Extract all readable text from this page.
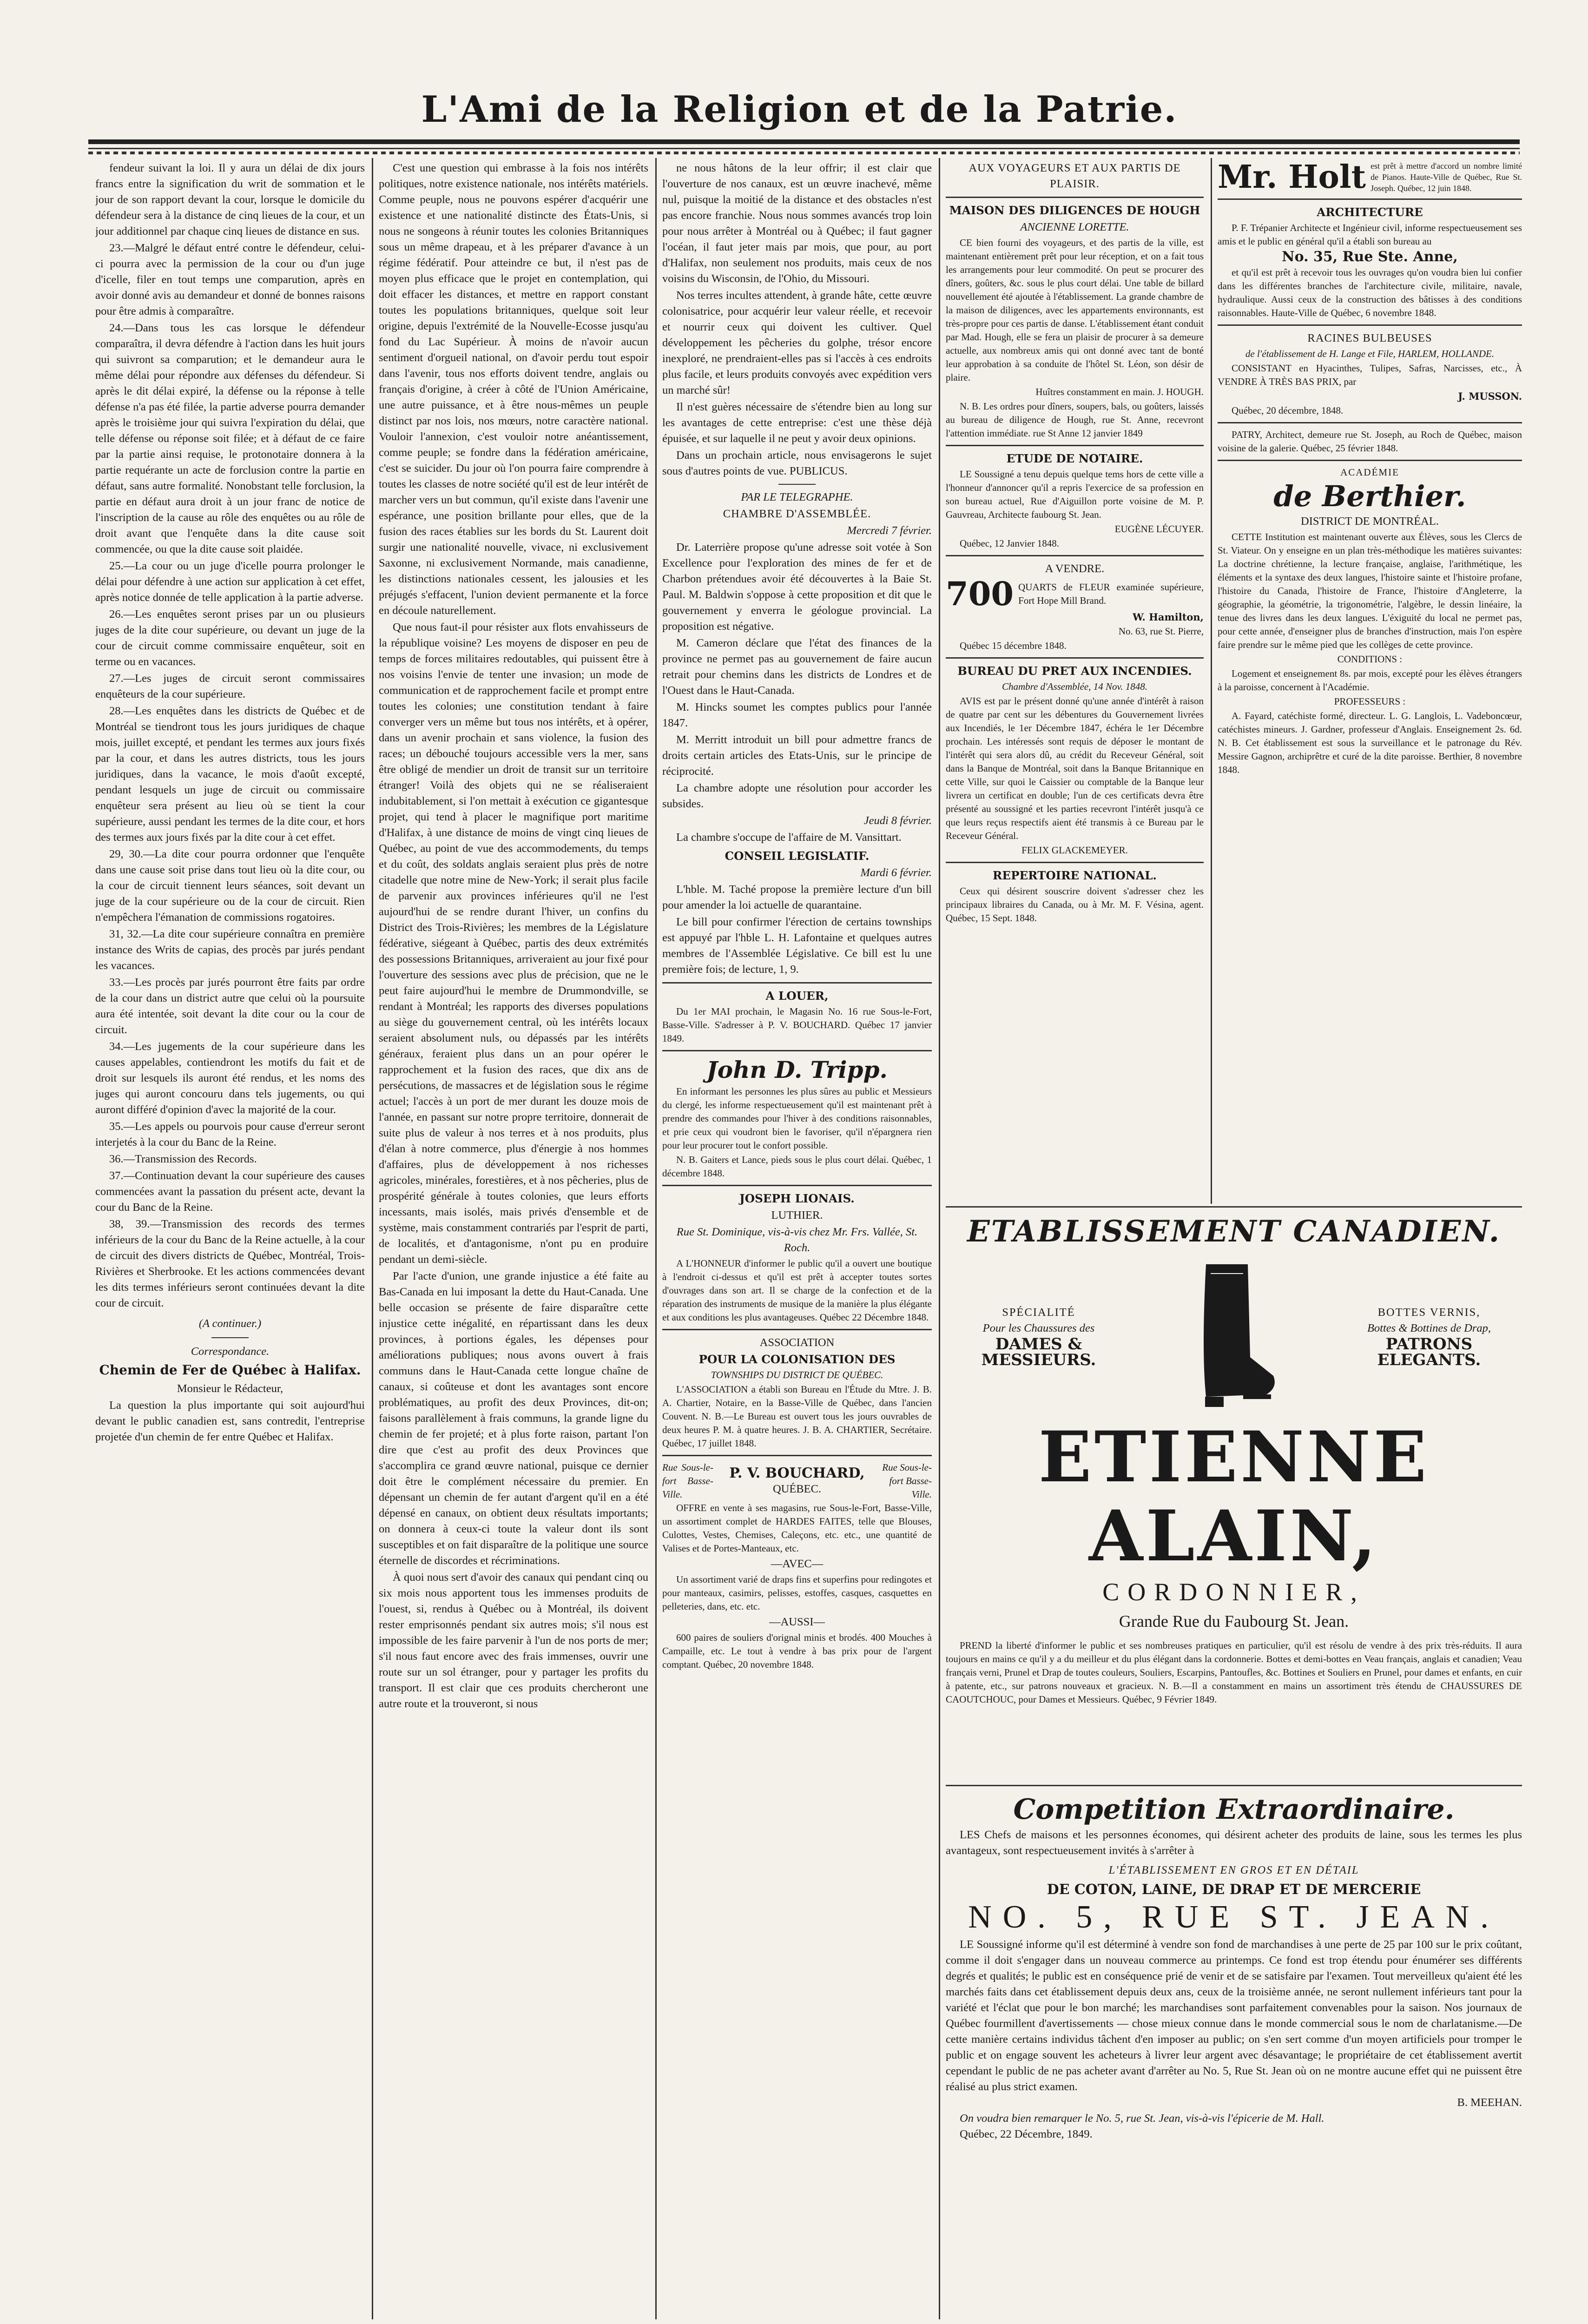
L'Ami de la Religion et de la Patrie.

fendeur suivant la loi. Il y aura un délai de dix jours francs entre la signification du writ de sommation et le jour de son rapport devant la cour, lorsque le domicile du défendeur sera à la distance de cinq lieues de la cour, et un jour additionnel par chaque cinq lieues de distance en sus.

23.—Malgré le défaut entré contre le défendeur, celui-ci pourra avec la permission de la cour ou d'un juge d'icelle, filer en tout temps une comparution, après en avoir donné avis au demandeur et donné de bonnes raisons pour être admis à comparaître.

24.—Dans tous les cas lorsque le défendeur comparaîtra, il devra défendre à l'action dans les huit jours qui suivront sa comparution; et le demandeur aura le même délai pour répondre aux défenses du défendeur. Si après le dit délai expiré, la défense ou la réponse à telle défense n'a pas été filée, la partie adverse pourra demander après le troisième jour qui suivra l'expiration du délai, que telle défense ou réponse soit filée; et à défaut de ce faire par la partie ainsi requise, le protonotaire donnera à la partie requérante un acte de forclusion contre la partie en défaut, sans autre formalité. Nonobstant telle forclusion, la partie en défaut aura droit à un jour franc de notice de l'inscription de la cause au rôle des enquêtes ou au rôle de droit avant que l'enquête dans la dite cause soit commencée, ou que la dite cause soit plaidée.

25.—La cour ou un juge d'icelle pourra prolonger le délai pour défendre à une action sur application à cet effet, après notice donnée de telle application à la partie adverse.

26.—Les enquêtes seront prises par un ou plusieurs juges de la dite cour supérieure, ou devant un juge de la cour de circuit comme commissaire enquêteur, soit en terme ou en vacances.

27.—Les juges de circuit seront commissaires enquêteurs de la cour supérieure.

28.—Les enquêtes dans les districts de Québec et de Montréal se tiendront tous les jours juridiques de chaque mois, juillet excepté, et pendant les termes aux jours fixés par la cour, et dans les autres districts, tous les jours juridiques, dans la vacance, le mois d'août excepté, pendant lesquels un juge de circuit ou commissaire enquêteur sera présent au lieu où se tient la cour supérieure, aussi pendant les termes de la dite cour, et hors des termes aux jours fixés par la dite cour à cet effet.

29, 30.—La dite cour pourra ordonner que l'enquête dans une cause soit prise dans tout lieu où la dite cour, ou la cour de circuit tiennent leurs séances, soit devant un juge de la cour supérieure ou de la cour de circuit. Rien n'empêchera l'émanation de commissions rogatoires.

31, 32.—La dite cour supérieure connaîtra en première instance des Writs de capias, des procès par jurés pendant les vacances.

33.—Les procès par jurés pourront être faits par ordre de la cour dans un district autre que celui où la poursuite aura été intentée, soit devant la dite cour ou la cour de circuit.

34.—Les jugements de la cour supérieure dans les causes appelables, contiendront les motifs du fait et de droit sur lesquels ils auront été rendus, et les noms des juges qui auront concouru dans tels jugements, ou qui auront différé d'opinion d'avec la majorité de la cour.

35.—Les appels ou pourvois pour cause d'erreur seront interjetés à la cour du Banc de la Reine.

36.—Transmission des Records.

37.—Continuation devant la cour supérieure des causes commencées avant la passation du présent acte, devant la cour du Banc de la Reine.

38, 39.—Transmission des records des termes inférieurs de la cour du Banc de la Reine actuelle, à la cour de circuit des divers districts de Québec, Montréal, Trois-Rivières et Sherbrooke. Et les actions commencées devant les dits termes inférieurs seront continuées devant la dite cour de circuit.

(A continuer.)

Correspondance.

Chemin de Fer de Québec à Halifax.

Monsieur le Rédacteur,

La question la plus importante qui soit aujourd'hui devant le public canadien est, sans contredit, l'entreprise projetée d'un chemin de fer entre Québec et Halifax.

C'est une question qui embrasse à la fois nos intérêts politiques, notre existence nationale, nos intérêts matériels. Comme peuple, nous ne pouvons espérer d'acquérir une existence et une nationalité distincte des États-Unis, si nous ne songeons à réunir toutes les colonies Britanniques sous un même drapeau, et à les préparer d'avance à un régime fédératif. Pour atteindre ce but, il n'est pas de moyen plus efficace que le projet en contemplation, qui doit effacer les distances, et mettre en rapport constant toutes les populations britanniques, quelque soit leur origine, depuis l'extrémité de la Nouvelle-Ecosse jusqu'au fond du Lac Supérieur. À moins de n'avoir aucun sentiment d'orgueil national, on d'avoir perdu tout espoir dans l'avenir, tous nos efforts doivent tendre, anglais ou français d'origine, à créer à côté de l'Union Américaine, une autre puissance, et à être nous-mêmes un peuple distinct par nos lois, nos mœurs, notre caractère national. Vouloir l'annexion, c'est vouloir notre anéantissement, comme peuple; se fondre dans la fédération américaine, c'est se suicider. Du jour où l'on pourra faire comprendre à toutes les classes de notre société qu'il est de leur intérêt de marcher vers un but commun, qu'il existe dans l'avenir une espérance, une position brillante pour elles, que de la fusion des races établies sur les bords du St. Laurent doit surgir une nationalité nouvelle, vivace, ni exclusivement Saxonne, ni exclusivement Normande, mais canadienne, les distinctions nationales cessent, les jalousies et les préjugés s'effacent, l'union devient permanente et la force en découle naturellement.

Que nous faut-il pour résister aux flots envahisseurs de la république voisine? Les moyens de disposer en peu de temps de forces militaires redoutables, qui puissent être à nos voisins l'envie de tenter une invasion; un mode de communication et de rapprochement facile et prompt entre toutes les colonies; une constitution tendant à faire converger vers un même but tous nos intérêts, et à opérer, dans un avenir prochain et sans violence, la fusion des races; un débouché toujours accessible vers la mer, sans être obligé de mendier un droit de transit sur un territoire étranger! Voilà des objets qui ne se réaliseraient indubitablement, si l'on mettait à exécution ce gigantesque projet, qui tend à placer le magnifique port maritime d'Halifax, à une distance de moins de vingt cinq lieues de Québec, au point de vue des accommodements, du temps et du coût, des soldats anglais seraient plus près de notre citadelle que notre mine de New-York; il serait plus facile de parvenir aux provinces inférieures qu'il ne l'est aujourd'hui de se rendre durant l'hiver, un confins du District des Trois-Rivières; les membres de la Législature fédérative, siégeant à Québec, partis des deux extrémités des possessions Britanniques, arriveraient au jour fixé pour l'ouverture des sessions avec plus de précision, que ne le peut faire aujourd'hui le membre de Drummondville, se rendant à Montréal; les rapports des diverses populations au siège du gouvernement central, où les intérêts locaux seraient absolument nuls, ou dépassés par les intérêts généraux, feraient plus dans un an pour opérer le rapprochement et la fusion des races, que dix ans de persécutions, de massacres et de législation sous le régime actuel; l'accès à un port de mer durant les douze mois de l'année, en passant sur notre propre territoire, donnerait de suite plus de valeur à nos terres et à nos produits, plus d'élan à notre commerce, plus d'énergie à nos hommes d'affaires, plus de développement à nos richesses agricoles, minérales, forestières, et à nos pêcheries, plus de prospérité générale à toutes colonies, que leurs efforts incessants, mais isolés, mais privés d'ensemble et de système, mais constamment contrariés par l'esprit de parti, de localités, et d'antagonisme, n'ont pu en produire pendant un demi-siècle.

Par l'acte d'union, une grande injustice a été faite au Bas-Canada en lui imposant la dette du Haut-Canada. Une belle occasion se présente de faire disparaître cette injustice cette inégalité, en répartissant dans les deux provinces, à portions égales, les dépenses pour améliorations publiques; nous avons ouvert à frais communs dans le Haut-Canada cette longue chaîne de canaux, si coûteuse et dont les avantages sont encore problématiques, au profit des deux Provinces, dit-on; faisons parallèlement à frais communs, la grande ligne du chemin de fer projeté; et à plus forte raison, partant l'on dire que c'est au profit des deux Provinces que s'accomplira ce grand œuvre national, puisque ce dernier doit être le complément nécessaire du premier. En dépensant un chemin de fer autant d'argent qu'il en a été dépensé en canaux, on obtient deux résultats importants; on donnera à ceux-ci toute la valeur dont ils sont susceptibles et on fait disparaître de la politique une source éternelle de discordes et récriminations.

À quoi nous sert d'avoir des canaux qui pendant cinq ou six mois nous apportent tous les immenses produits de l'ouest, si, rendus à Québec ou à Montréal, ils doivent rester emprisonnés pendant six autres mois; s'il nous est impossible de les faire parvenir à l'un de nos ports de mer; s'il nous faut encore avec des frais immenses, ouvrir une route sur un sol étranger, pour y partager les profits du transport. Il est clair que ces produits chercheront une autre route et la trouveront, si nous

ne nous hâtons de la leur offrir; il est clair que l'ouverture de nos canaux, est un œuvre inachevé, même nul, puisque la moitié de la distance et des obstacles n'est pas encore franchie. Nous nous sommes avancés trop loin pour nous arrêter à Montréal ou à Québec; il faut gagner l'océan, il faut jeter mais par mois, que pour, au port d'Halifax, non seulement nos produits, mais ceux de nos voisins du Wisconsin, de l'Ohio, du Missouri.

Nos terres incultes attendent, à grande hâte, cette œuvre colonisatrice, pour acquérir leur valeur réelle, et recevoir et nourrir ceux qui doivent les cultiver. Quel développement les pêcheries du golphe, trésor encore inexploré, ne prendraient-elles pas si l'accès à ces endroits plus facile, et leurs produits convoyés avec expédition vers un marché sûr!

Il n'est guères nécessaire de s'étendre bien au long sur les avantages de cette entreprise: c'est une thèse déjà épuisée, et sur laquelle il ne peut y avoir deux opinions.

Dans un prochain article, nous envisagerons le sujet sous d'autres points de vue. PUBLICUS.

PAR LE TELEGRAPHE.

CHAMBRE D'ASSEMBLÉE.

Mercredi 7 février.

Dr. Laterrière propose qu'une adresse soit votée à Son Excellence pour l'exploration des mines de fer et de Charbon prétendues avoir été découvertes à la Baie St. Paul. M. Baldwin s'oppose à cette proposition et dit que le gouvernement y enverra le géologue provincial. La proposition est négative.

M. Cameron déclare que l'état des finances de la province ne permet pas au gouvernement de faire aucun retrait pour chemins dans les districts de Londres et de l'Ouest dans le Haut-Canada.

M. Hincks soumet les comptes publics pour l'année 1847.

M. Merritt introduit un bill pour admettre francs de droits certain articles des Etats-Unis, sur le principe de réciprocité.

La chambre adopte une résolution pour accorder les subsides.

Jeudi 8 février.

La chambre s'occupe de l'affaire de M. Vansittart.

CONSEIL LEGISLATIF.

Mardi 6 février.

L'hble. M. Taché propose la première lecture d'un bill pour amender la loi actuelle de quarantaine.

Le bill pour confirmer l'érection de certains townships est appuyé par l'hble L. H. Lafontaine et quelques autres membres de l'Assemblée Législative. Ce bill est lu une première fois; de lecture, 1, 9.

A LOUER,

Du 1er MAI prochain, le Magasin No. 16 rue Sous-le-Fort, Basse-Ville. S'adresser à P. V. BOUCHARD. Québec 17 janvier 1849.

John D. Tripp.

En informant les personnes les plus sûres au public et Messieurs du clergé, les informe respectueusement qu'il est maintenant prêt à prendre des commandes pour l'hiver à des conditions raisonnables, et prie ceux qui voudront bien le favoriser, qu'il n'épargnera rien pour leur procurer tout le confort possible.

N. B. Gaiters et Lance, pieds sous le plus court délai. Québec, 1 décembre 1848.

JOSEPH LIONAIS.

LUTHIER.

Rue St. Dominique, vis-à-vis chez Mr. Frs. Vallée, St. Roch.

A L'HONNEUR d'informer le public qu'il a ouvert une boutique à l'endroit ci-dessus et qu'il est prêt à accepter toutes sortes d'ouvrages dans son art. Il se charge de la confection et de la réparation des instruments de musique de la manière la plus élégante et aux conditions les plus avantageuses. Québec 22 Décembre 1848.

ASSOCIATION

POUR LA COLONISATION DES

TOWNSHIPS DU DISTRICT DE QUÉBEC.

L'ASSOCIATION a établi son Bureau en l'Étude du Mtre. J. B. A. Chartier, Notaire, en la Basse-Ville de Québec, dans l'ancien Couvent. N. B.—Le Bureau est ouvert tous les jours ouvrables de deux heures P. M. à quatre heures. J. B. A. CHARTIER, Secrétaire. Québec, 17 juillet 1848.

Rue Sous-le-fort Basse-Ville.
P. V. BOUCHARD,
QUÉBEC.
Rue Sous-le-fort Basse-Ville.

OFFRE en vente à ses magasins, rue Sous-le-Fort, Basse-Ville, un assortiment complet de HARDES FAITES, telle que Blouses, Culottes, Vestes, Chemises, Caleçons, etc. etc., une quantité de Valises et de Portes-Manteaux, etc.

—AVEC—

Un assortiment varié de draps fins et superfins pour redingotes et pour manteaux, casimirs, pelisses, estoffes, casques, casquettes en pelleteries, dans, etc. etc.

—AUSSI—

600 paires de souliers d'orignal minis et brodés. 400 Mouches à Campaille, etc. Le tout à vendre à bas prix pour de l'argent comptant. Québec, 20 novembre 1848.

AUX VOYAGEURS ET AUX PARTIS DE PLAISIR.

MAISON DES DILIGENCES DE HOUGH

ANCIENNE LORETTE.

CE bien fourni des voyageurs, et des partis de la ville, est maintenant entièrement prêt pour leur réception, et on a fait tous les arrangements pour leur commodité. On peut se procurer des dîners, goûters, &c. sous le plus court délai. Une table de billard nouvellement été ajoutée à l'établissement. La grande chambre de la maison de diligences, avec les appartements environnants, est très-propre pour ces partis de danse. L'établissement étant conduit par Mad. Hough, elle se fera un plaisir de procurer à sa demeure actuelle, aux nombreux amis qui ont donné avec tant de bonté leur approbation à sa conduite de l'hôtel St. Léon, son désir de plaire.

Huîtres constamment en main. J. HOUGH.

N. B. Les ordres pour dîners, soupers, bals, ou goûters, laissés au bureau de diligence de Hough, rue St. Anne, recevront l'attention immédiate. rue St Anne 12 janvier 1849

ETUDE DE NOTAIRE.

LE Soussigné a tenu depuis quelque tems hors de cette ville a l'honneur d'annoncer qu'il a repris l'exercice de sa profession en son bureau actuel, Rue d'Aiguillon porte voisine de M. P. Gauvreau, Architecte faubourg St. Jean.

EUGÈNE LÉCUYER.

Québec, 12 Janvier 1848.

A VENDRE.

700 QUARTS de FLEUR examinée supérieure, Fort Hope Mill Brand.

W. Hamilton,

No. 63, rue St. Pierre,

Québec 15 décembre 1848.

BUREAU DU PRET AUX INCENDIES.

Chambre d'Assemblée, 14 Nov. 1848.

AVIS est par le présent donné qu'une année d'intérêt à raison de quatre par cent sur les débentures du Gouvernement livrées aux Incendiés, le 1er Décembre 1847, échéra le 1er Décembre prochain. Les intéressés sont requis de déposer le montant de l'intérêt qui sera alors dû, au crédit du Receveur Général, soit dans la Banque de Montréal, soit dans la Banque Britannique en cette Ville, sur quoi le Caissier ou comptable de la Banque leur livrera un certificat en double; l'un de ces certificats devra être présenté au soussigné et les parties recevront l'intérêt jusqu'à ce que leurs reçus respectifs aient été transmis à ce Bureau par le Receveur Général.

FELIX GLACKEMEYER.

REPERTOIRE NATIONAL.

Ceux qui désirent souscrire doivent s'adresser chez les principaux libraires du Canada, ou à Mr. M. F. Vésina, agent. Québec, 15 Sept. 1848.

Mr. Holt est prêt à mettre d'accord un nombre limité de Pianos. Haute-Ville de Québec, Rue St. Joseph. Québec, 12 juin 1848.

ARCHITECTURE

P. F. Trépanier Architecte et Ingénieur civil, informe respectueusement ses amis et le public en général qu'il a établi son bureau au

No. 35, Rue Ste. Anne,

et qu'il est prêt à recevoir tous les ouvrages qu'on voudra bien lui confier dans les différentes branches de l'architecture civile, militaire, navale, hydraulique. Aussi ceux de la construction des bâtisses à des conditions raisonnables. Haute-Ville de Québec, 6 novembre 1848.

RACINES BULBEUSES

de l'établissement de H. Lange et File, HARLEM, HOLLANDE.

CONSISTANT en Hyacinthes, Tulipes, Safras, Narcisses, etc., À VENDRE À TRÈS BAS PRIX, par

J. MUSSON.

Québec, 20 décembre, 1848.

PATRY, Architect, demeure rue St. Joseph, au Roch de Québec, maison voisine de la galerie. Québec, 25 février 1848.

ACADÉMIE

de Berthier.

DISTRICT DE MONTRÉAL.

CETTE Institution est maintenant ouverte aux Élèves, sous les Clercs de St. Viateur. On y enseigne en un plan très-méthodique les matières suivantes: La doctrine chrétienne, la lecture française, anglaise, l'arithmétique, les éléments et la syntaxe des deux langues, l'histoire sainte et l'histoire profane, l'histoire du Canada, l'histoire de France, l'histoire d'Angleterre, la géographie, la géométrie, la trigonométrie, l'algèbre, le dessin linéaire, la tenue des livres dans les deux langues. L'éxiguité du local ne permet pas, pour cette année, d'enseigner plus de branches d'instruction, mais l'on espère faire prendre sur le même pied que les collèges de cette province.

CONDITIONS :

Logement et enseignement 8s. par mois, excepté pour les élèves étrangers à la paroisse, concernent à l'Académie.

PROFESSEURS :

A. Fayard, catéchiste formé, directeur. L. G. Langlois, L. Vadeboncœur, catéchistes mineurs. J. Gardner, professeur d'Anglais. Enseignement 2s. 6d. N. B. Cet établissement est sous la surveillance et le patronage du Rév. Messire Gagnon, archiprêtre et curé de la dite paroisse. Berthier, 8 novembre 1848.

ETABLISSEMENT CANADIEN.

SPÉCIALITÉ

Pour les Chaussures des

DAMES & MESSIEURS.

BOTTES VERNIS,

Bottes & Bottines de Drap,

PATRONS ELEGANTS.

ETIENNE ALAIN,

CORDONNIER,

Grande Rue du Faubourg St. Jean.

PREND la liberté d'informer le public et ses nombreuses pratiques en particulier, qu'il est résolu de vendre à des prix très-réduits. Il aura toujours en mains ce qu'il y a du meilleur et du plus élégant dans la cordonnerie. Bottes et demi-bottes en Veau français, anglais et canadien; Veau français verni, Prunel et Drap de toutes couleurs, Souliers, Escarpins, Pantoufles, &c. Bottines et Souliers en Prunel, pour dames et enfants, en cuir à patente, etc., sur patrons nouveaux et gracieux. N. B.—Il a constamment en mains un assortiment très étendu de CHAUSSURES DE CAOUTCHOUC, pour Dames et Messieurs. Québec, 9 Février 1849.

Competition Extraordinaire.

LES Chefs de maisons et les personnes économes, qui désirent acheter des produits de laine, sous les termes les plus avantageux, sont respectueusement invités à s'arrêter à

L'ÉTABLISSEMENT EN GROS ET EN DÉTAIL

DE COTON, LAINE, DE DRAP ET DE MERCERIE

NO. 5, RUE ST. JEAN.

LE Soussigné informe qu'il est déterminé à vendre son fond de marchandises à une perte de 25 par 100 sur le prix coûtant, comme il doit s'engager dans un nouveau commerce au printemps. Ce fond est trop étendu pour énumérer ses différents degrés et qualités; le public est en conséquence prié de venir et de se satisfaire par l'examen. Tout merveilleux qu'aient été les marchés faits dans cet établissement depuis deux ans, ceux de la troisième année, ne seront nullement inférieurs tant pour la variété et l'éclat que pour le bon marché; les marchandises sont parfaitement convenables pour la saison. Nos journaux de Québec fourmillent d'avertissements — chose mieux connue dans le monde commercial sous le nom de charlatanisme.—De cette manière certains individus tâchent d'en imposer au public; on s'en sert comme d'un moyen artificiels pour tromper le public et on engage souvent les acheteurs à livrer leur argent avec désavantage; le propriétaire de cet établissement avertit cependant le public de ne pas acheter avant d'arrêter au No. 5, Rue St. Jean où on ne montre aucune effet qui ne puissent être réalisé au plus strict examen.

B. MEEHAN.

On voudra bien remarquer le No. 5, rue St. Jean, vis-à-vis l'épicerie de M. Hall.

Québec, 22 Décembre, 1849.
